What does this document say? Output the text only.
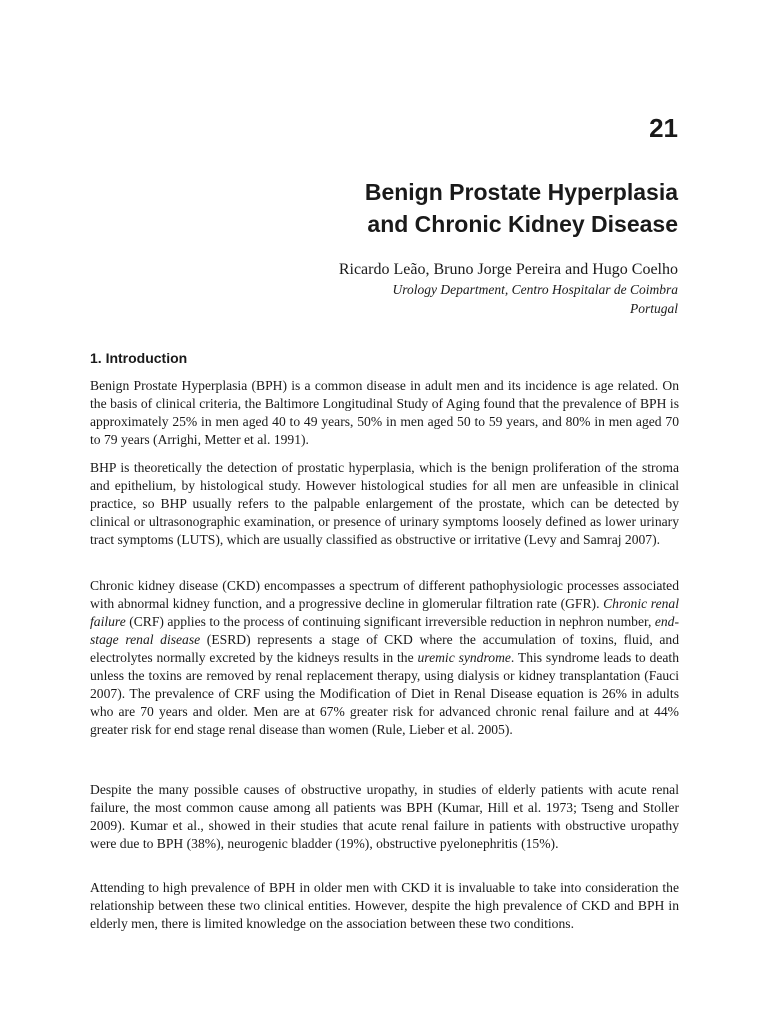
21
Benign Prostate Hyperplasia
and Chronic Kidney Disease

Ricardo Leão, Bruno Jorge Pereira and Hugo Coelho

Urology Department, Centro Hospitalar de Coimbra

Portugal

1. Introduction

Benign Prostate Hyperplasia (BPH) is a common disease in adult men and its incidence is age related. On the basis of clinical criteria, the Baltimore Longitudinal Study of Aging found that the prevalence of BPH is approximately 25% in men aged 40 to 49 years, 50% in men aged 50 to 59 years, and 80% in men aged 70 to 79 years (Arrighi, Metter et al. 1991).

BHP is theoretically the detection of prostatic hyperplasia, which is the benign proliferation of the stroma and epithelium, by histological study. However histological studies for all men are unfeasible in clinical practice, so BHP usually refers to the palpable enlargement of the prostate, which can be detected by clinical or ultrasonographic examination, or presence of urinary symptoms loosely defined as lower urinary tract symptoms (LUTS), which are usually classified as obstructive or irritative (Levy and Samraj 2007).

Chronic kidney disease (CKD) encompasses a spectrum of different pathophysiologic processes associated with abnormal kidney function, and a progressive decline in glomerular filtration rate (GFR). Chronic renal failure (CRF) applies to the process of continuing significant irreversible reduction in nephron number, end-stage renal disease (ESRD) represents a stage of CKD where the accumulation of toxins, fluid, and electrolytes normally excreted by the kidneys results in the uremic syndrome. This syndrome leads to death unless the toxins are removed by renal replacement therapy, using dialysis or kidney transplantation (Fauci 2007). The prevalence of CRF using the Modification of Diet in Renal Disease equation is 26% in adults who are 70 years and older. Men are at 67% greater risk for advanced chronic renal failure and at 44% greater risk for end stage renal disease than women (Rule, Lieber et al. 2005).

Despite the many possible causes of obstructive uropathy, in studies of elderly patients with acute renal failure, the most common cause among all patients was BPH (Kumar, Hill et al. 1973; Tseng and Stoller 2009). Kumar et al., showed in their studies that acute renal failure in patients with obstructive uropathy were due to BPH (38%), neurogenic bladder (19%), obstructive pyelonephritis (15%).

Attending to high prevalence of BPH in older men with CKD it is invaluable to take into consideration the relationship between these two clinical entities. However, despite the high prevalence of CKD and BPH in elderly men, there is limited knowledge on the association between these two conditions.
